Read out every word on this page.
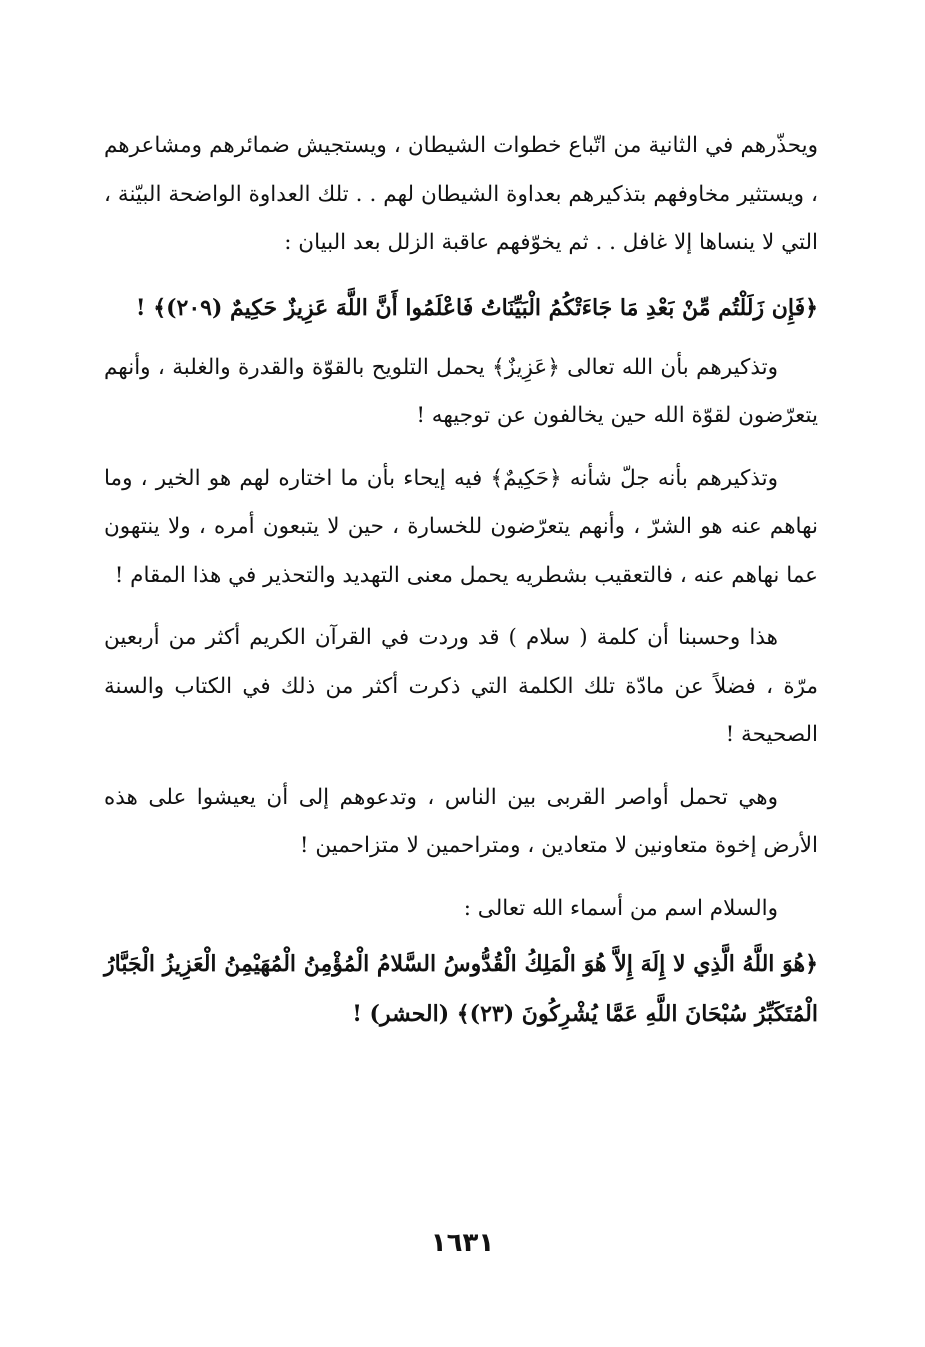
ويحذّرهم في الثانية من اتّباع خطوات الشيطان ، ويستجيش ضمائرهم ومشاعرهم ، ويستثير مخاوفهم بتذكيرهم بعداوة الشيطان لهم . . تلك العداوة الواضحة البيّنة ، التي لا ينساها إلا غافل . . ثم يخوّفهم عاقبة الزلل بعد البيان :

﴿فَإِن زَلَلْتُم مِّنْ بَعْدِ مَا جَاءَتْكُمُ الْبَيِّنَاتُ فَاعْلَمُوا أَنَّ اللَّهَ عَزِيزٌ حَكِيمٌ (٢٠٩)﴾ !

وتذكيرهم بأن الله تعالى ﴿عَزِيزٌ﴾ يحمل التلويح بالقوّة والقدرة والغلبة ، وأنهم يتعرّضون لقوّة الله حين يخالفون عن توجيهه !

وتذكيرهم بأنه جلّ شأنه ﴿حَكِيمٌ﴾ فيه إيحاء بأن ما اختاره لهم هو الخير ، وما نهاهم عنه هو الشرّ ، وأنهم يتعرّضون للخسارة ، حين لا يتبعون أمره ، ولا ينتهون عما نهاهم عنه ، فالتعقيب بشطريه يحمل معنى التهديد والتحذير في هذا المقام !

هذا وحسبنا أن كلمة ( سلام ) قد وردت في القرآن الكريم أكثر من أربعين مرّة ، فضلاً عن مادّة تلك الكلمة التي ذكرت أكثر من ذلك في الكتاب والسنة الصحيحة !

وهي تحمل أواصر القربى بين الناس ، وتدعوهم إلى أن يعيشوا على هذه الأرض إخوة متعاونين لا متعادين ، ومتراحمين لا متزاحمين !

والسلام اسم من أسماء الله تعالى :

﴿هُوَ اللَّهُ الَّذِي لا إِلَهَ إِلاَّ هُوَ الْمَلِكُ الْقُدُّوسُ السَّلامُ الْمُؤْمِنُ الْمُهَيْمِنُ الْعَزِيزُ الْجَبَّارُ الْمُتَكَبِّرُ سُبْحَانَ اللَّهِ عَمَّا يُشْرِكُونَ (٢٣)﴾ (الحشر) !

١٦٣١
